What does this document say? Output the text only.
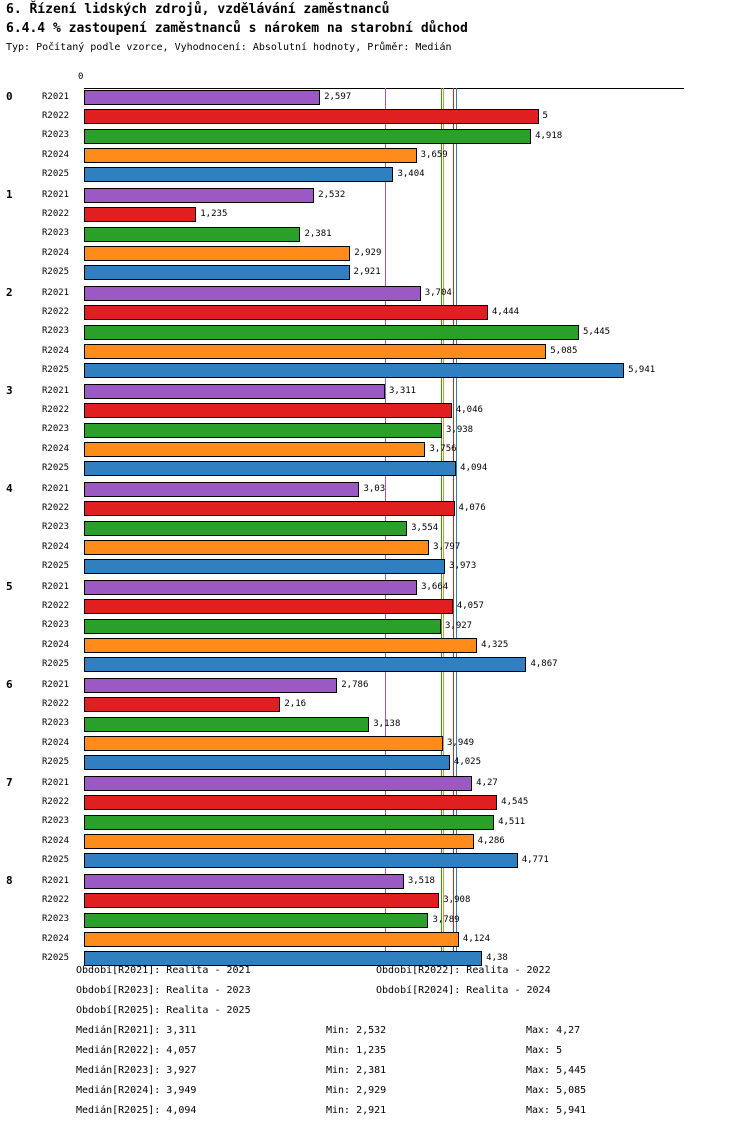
6. Řízení lidských zdrojů, vzdělávání zaměstnanců
6.4.4 % zastoupení zaměstnanců s nárokem na starobní důchod
Typ: Počítaný podle vzorce, Vyhodnocení: Absolutní hodnoty, Průměr: Medián
0
0	R2021	2,597
R2022	5
R2023	4,918
R2024	3,659
R2025	3,404
1	R2021	2,532
R2022	1,235
R2023	2,381
R2024	2,929
R2025	2,921
2	R2021	3,704
R2022	4,444
R2023	5,445
R2024	5,085
R2025	5,941
3	R2021	3,311
R2022	4,046
R2023	3,938
R2024	3,756
R2025	4,094
4	R2021	3,03
R2022	4,076
R2023	3,554
R2024	3,797
R2025	3,973
5	R2021	3,664
R2022	4,057
R2023	3,927
R2024	4,325
R2025	4,867
6	R2021	2,786
R2022	2,16
R2023	3,138
R2024	3,949
R2025	4,025
7	R2021	4,27
R2022	4,545
R2023	4,511
R2024	4,286
R2025	4,771
8	R2021	3,518
R2022	3,908
R2023	3,789
R2024	4,124
R2025	4,38
Období[R2021]: Realita - 2021	Období[R2022]: Realita - 2022
Období[R2023]: Realita - 2023	Období[R2024]: Realita - 2024
Období[R2025]: Realita - 2025
Medián[R2021]: 3,311	Min: 2,532	Max: 4,27
Medián[R2022]: 4,057	Min: 1,235	Max: 5
Medián[R2023]: 3,927	Min: 2,381	Max: 5,445
Medián[R2024]: 3,949	Min: 2,929	Max: 5,085
Medián[R2025]: 4,094	Min: 2,921	Max: 5,941
